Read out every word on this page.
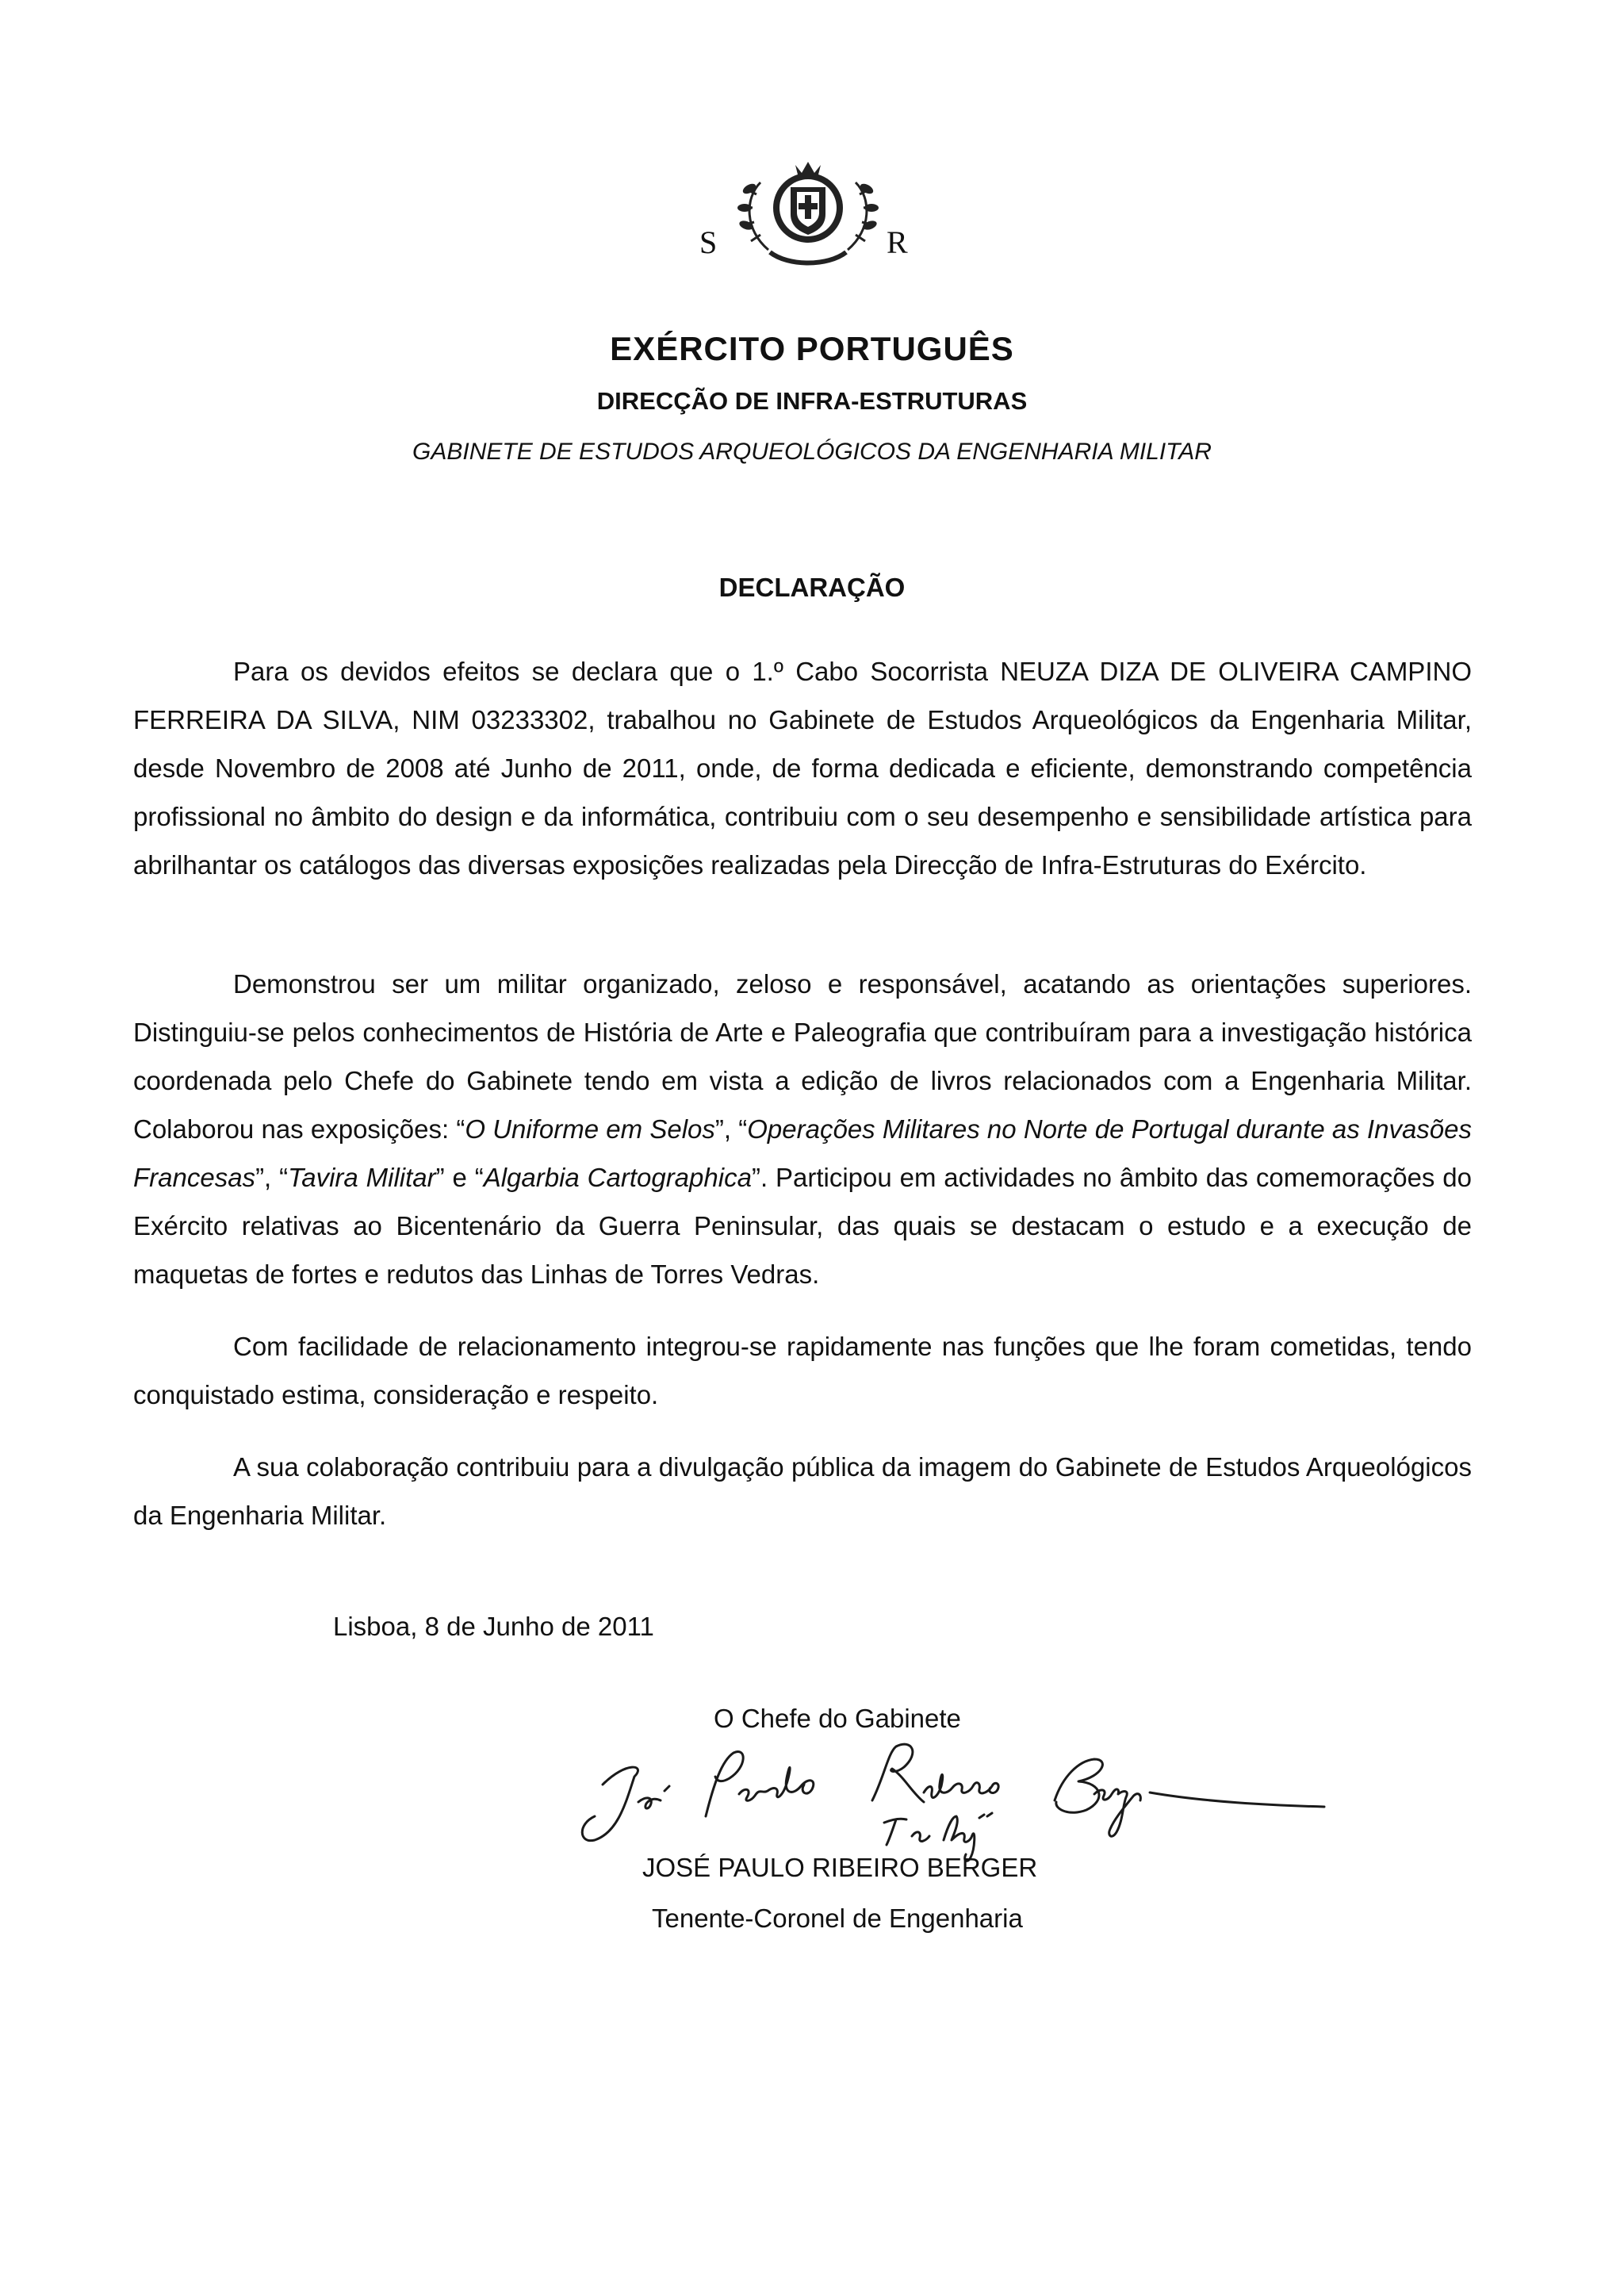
S	R
EXÉRCITO PORTUGUÊS
DIRECÇÃO DE INFRA-ESTRUTURAS
GABINETE DE ESTUDOS ARQUEOLÓGICOS DA ENGENHARIA MILITAR
DECLARAÇÃO

Para os devidos efeitos se declara que o 1.º Cabo Socorrista NEUZA DIZA DE OLIVEIRA CAMPINO FERREIRA DA SILVA, NIM 03233302, trabalhou no Gabinete de Estudos Arqueológicos da Engenharia Militar, desde Novembro de 2008 até Junho de 2011, onde, de forma dedicada e eficiente, demonstrando competência profissional no âmbito do design e da informática, contribuiu com o seu desempenho e sensibilidade artística para abrilhantar os catálogos das diversas exposições realizadas pela Direcção de Infra-Estruturas do Exército.

Demonstrou ser um militar organizado, zeloso e responsável, acatando as orientações superiores. Distinguiu-se pelos conhecimentos de História de Arte e Paleografia que contribuíram para a investigação histórica coordenada pelo Chefe do Gabinete tendo em vista a edição de livros relacionados com a Engenharia Militar. Colaborou nas exposições: “O Uniforme em Selos”, “Operações Militares no Norte de Portugal durante as Invasões Francesas”, “Tavira Militar” e “Algarbia Cartographica”. Participou em actividades no âmbito das comemorações do Exército relativas ao Bicentenário da Guerra Peninsular, das quais se destacam o estudo e a execução de maquetas de fortes e redutos das Linhas de Torres Vedras.

Com facilidade de relacionamento integrou-se rapidamente nas funções que lhe foram cometidas, tendo conquistado estima, consideração e respeito.

A sua colaboração contribuiu para a divulgação pública da imagem do Gabinete de Estudos Arqueológicos da Engenharia Militar.

Lisboa, 8 de Junho de 2011
O Chefe do Gabinete
JOSÉ PAULO RIBEIRO BERGER
Tenente-Coronel de Engenharia
